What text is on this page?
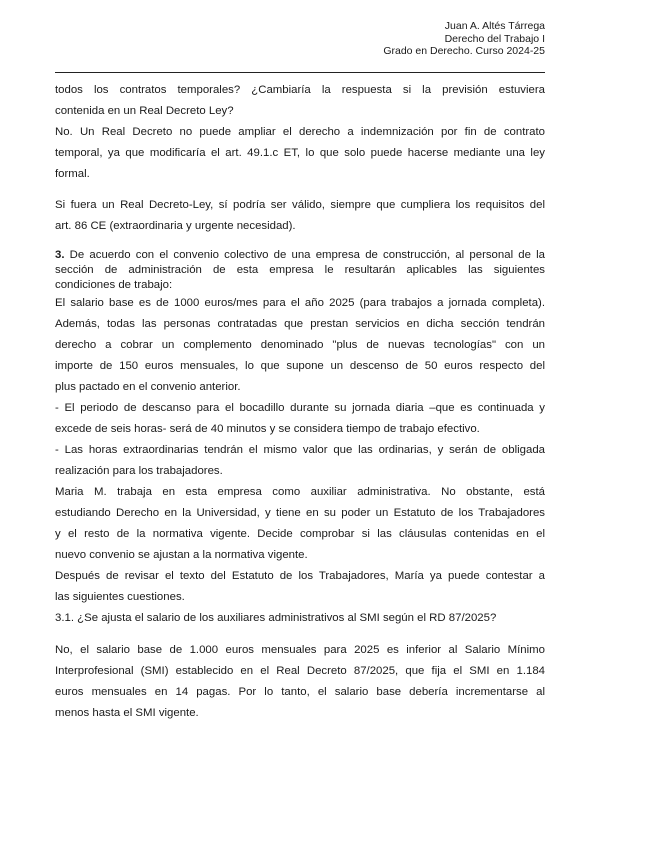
Juan A. Altés Tárrega
Derecho del Trabajo I
Grado en Derecho. Curso 2024-25
todos los contratos temporales? ¿Cambiaría la respuesta si la previsión estuviera
contenida en un Real Decreto Ley?
No. Un Real Decreto no puede ampliar el derecho a indemnización por fin de contrato
temporal, ya que modificaría el art. 49.1.c ET, lo que solo puede hacerse mediante una ley
formal.
Si fuera un Real Decreto-Ley, sí podría ser válido, siempre que cumpliera los requisitos del
art. 86 CE (extraordinaria y urgente necesidad).
3. De acuerdo con el convenio colectivo de una empresa de construcción, al personal de la
sección de administración de esta empresa le resultarán aplicables las siguientes
condiciones de trabajo:
El salario base es de 1000 euros/mes para el año 2025 (para trabajos a jornada completa).
Además, todas las personas contratadas que prestan servicios en dicha sección tendrán
derecho a cobrar un complemento denominado "plus de nuevas tecnologías" con un
importe de 150 euros mensuales, lo que supone un descenso de 50 euros respecto del
plus pactado en el convenio anterior.
- El periodo de descanso para el bocadillo durante su jornada diaria –que es continuada y
excede de seis horas- será de 40 minutos y se considera tiempo de trabajo efectivo.
- Las horas extraordinarias tendrán el mismo valor que las ordinarias, y serán de obligada
realización para los trabajadores.
Maria M. trabaja en esta empresa como auxiliar administrativa. No obstante, está
estudiando Derecho en la Universidad, y tiene en su poder un Estatuto de los Trabajadores
y el resto de la normativa vigente. Decide comprobar si las cláusulas contenidas en el
nuevo convenio se ajustan a la normativa vigente.
Después de revisar el texto del Estatuto de los Trabajadores, María ya puede contestar a
las siguientes cuestiones.
3.1. ¿Se ajusta el salario de los auxiliares administrativos al SMI según el RD 87/2025?
No, el salario base de 1.000 euros mensuales para 2025 es inferior al Salario Mínimo
Interprofesional (SMI) establecido en el Real Decreto 87/2025, que fija el SMI en 1.184
euros mensuales en 14 pagas. Por lo tanto, el salario base debería incrementarse al
menos hasta el SMI vigente.
